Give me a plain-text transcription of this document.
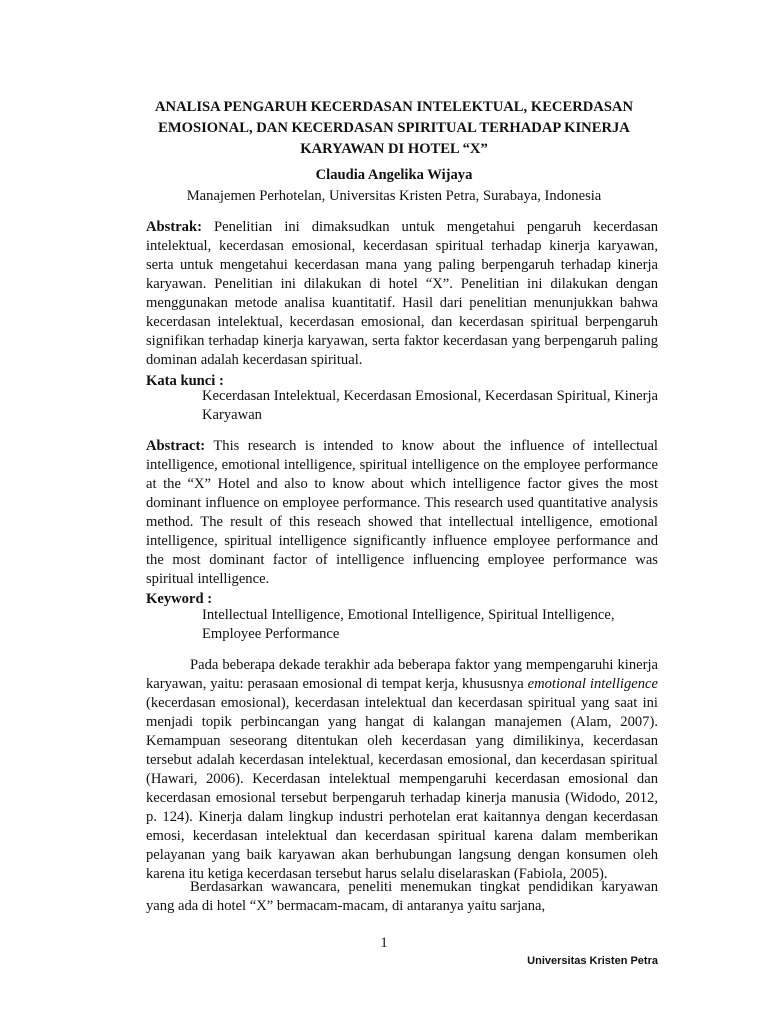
ANALISA PENGARUH KECERDASAN INTELEKTUAL, KECERDASAN EMOSIONAL, DAN KECERDASAN SPIRITUAL TERHADAP KINERJA KARYAWAN DI HOTEL “X”
Claudia Angelika Wijaya
Manajemen Perhotelan, Universitas Kristen Petra, Surabaya, Indonesia
Abstrak: Penelitian ini dimaksudkan untuk mengetahui pengaruh kecerdasan intelektual, kecerdasan emosional, kecerdasan spiritual terhadap kinerja karyawan, serta untuk mengetahui kecerdasan mana yang paling berpengaruh terhadap kinerja karyawan. Penelitian ini dilakukan di hotel “X”. Penelitian ini dilakukan dengan menggunakan metode analisa kuantitatif. Hasil dari penelitian menunjukkan bahwa kecerdasan intelektual, kecerdasan emosional, dan kecerdasan spiritual berpengaruh signifikan terhadap kinerja karyawan, serta faktor kecerdasan yang berpengaruh paling dominan adalah kecerdasan spiritual.
Kata kunci :
Kecerdasan Intelektual, Kecerdasan Emosional, Kecerdasan Spiritual, Kinerja Karyawan
Abstract: This research is intended to know about the influence of intellectual intelligence, emotional intelligence, spiritual intelligence on the employee performance at the “X” Hotel and also to know about which intelligence factor gives the most dominant influence on employee performance. This research used quantitative analysis method. The result of this reseach showed that intellectual intelligence, emotional intelligence, spiritual intelligence significantly influence employee performance and the most dominant factor of intelligence influencing employee performance was spiritual intelligence.
Keyword :
Intellectual Intelligence, Emotional Intelligence, Spiritual Intelligence, Employee Performance
Pada beberapa dekade terakhir ada beberapa faktor yang mempengaruhi kinerja karyawan, yaitu: perasaan emosional di tempat kerja, khususnya emotional intelligence (kecerdasan emosional), kecerdasan intelektual dan kecerdasan spiritual yang saat ini menjadi topik perbincangan yang hangat di kalangan manajemen (Alam, 2007). Kemampuan seseorang ditentukan oleh kecerdasan yang dimilikinya, kecerdasan tersebut adalah kecerdasan intelektual, kecerdasan emosional, dan kecerdasan spiritual (Hawari, 2006). Kecerdasan intelektual mempengaruhi kecerdasan emosional dan kecerdasan emosional tersebut berpengaruh terhadap kinerja manusia (Widodo, 2012, p. 124). Kinerja dalam lingkup industri perhotelan erat kaitannya dengan kecerdasan emosi, kecerdasan intelektual dan kecerdasan spiritual karena dalam memberikan pelayanan yang baik karyawan akan berhubungan langsung dengan konsumen oleh karena itu ketiga kecerdasan tersebut harus selalu diselaraskan (Fabiola, 2005).
Berdasarkan wawancara, peneliti menemukan tingkat pendidikan karyawan yang ada di hotel “X” bermacam-macam, di antaranya yaitu sarjana,
1
Universitas Kristen Petra
